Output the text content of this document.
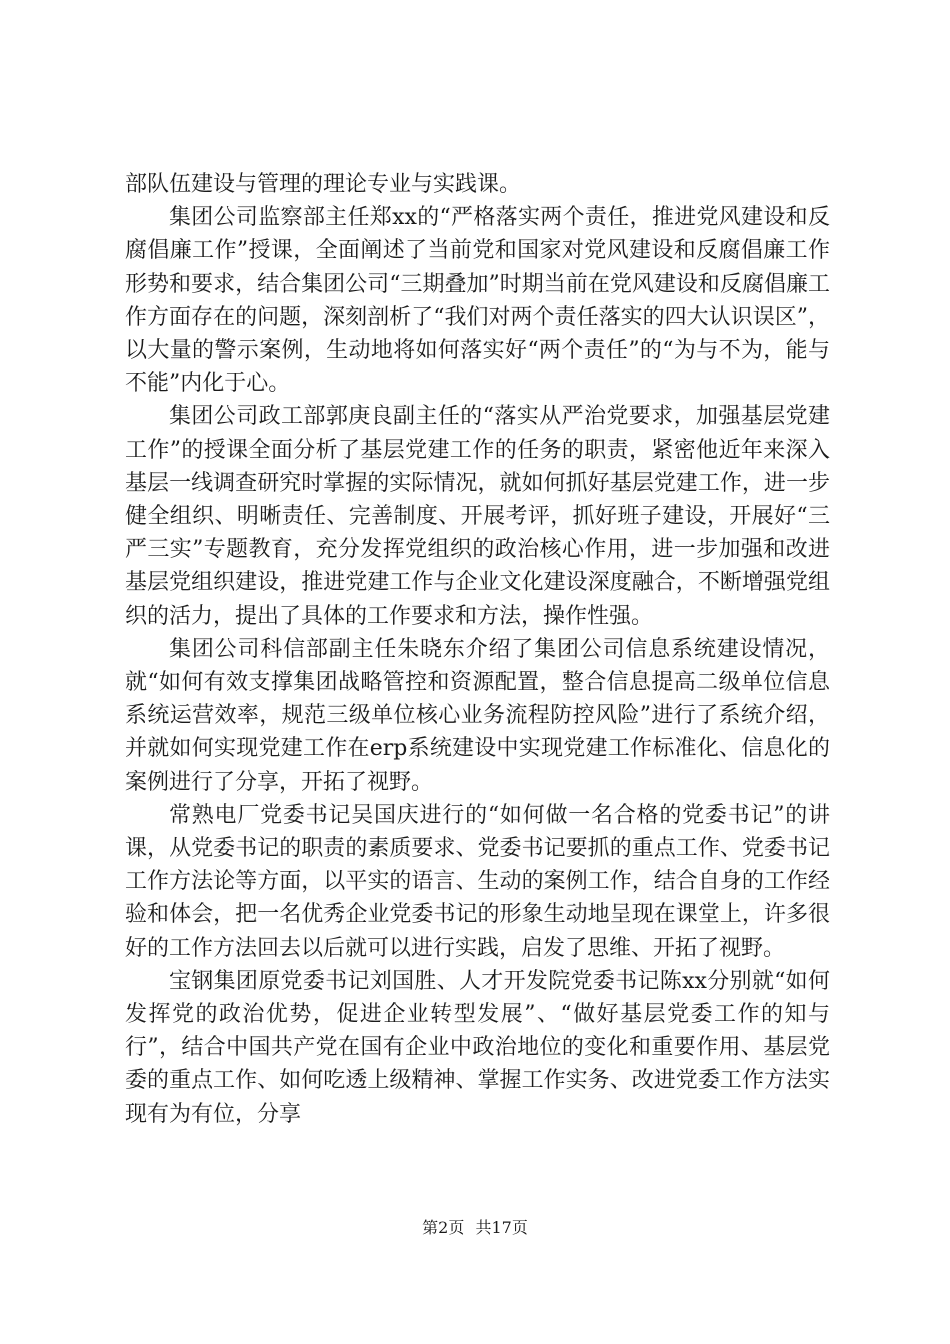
部队伍建设与管理的理论专业与实践课。

集团公司监察部主任郑xx的“严格落实两个责任，推进党风建设和反腐倡廉工作”授课，全面阐述了当前党和国家对党风建设和反腐倡廉工作形势和要求，结合集团公司“三期叠加”时期当前在党风建设和反腐倡廉工作方面存在的问题，深刻剖析了“我们对两个责任落实的四大认识误区”，以大量的警示案例，生动地将如何落实好“两个责任”的“为与不为，能与不能”内化于心。

集团公司政工部郭庚良副主任的“落实从严治党要求，加强基层党建工作”的授课全面分析了基层党建工作的任务的职责，紧密他近年来深入基层一线调查研究时掌握的实际情况，就如何抓好基层党建工作，进一步健全组织、明晰责任、完善制度、开展考评，抓好班子建设，开展好“三严三实”专题教育，充分发挥党组织的政治核心作用，进一步加强和改进基层党组织建设，推进党建工作与企业文化建设深度融合，不断增强党组织的活力，提出了具体的工作要求和方法，操作性强。

集团公司科信部副主任朱晓东介绍了集团公司信息系统建设情况，就“如何有效支撑集团战略管控和资源配置，整合信息提高二级单位信息系统运营效率，规范三级单位核心业务流程防控风险”进行了系统介绍，并就如何实现党建工作在erp系统建设中实现党建工作标准化、信息化的案例进行了分享，开拓了视野。

常熟电厂党委书记吴国庆进行的“如何做一名合格的党委书记”的讲课，从党委书记的职责的素质要求、党委书记要抓的重点工作、党委书记工作方法论等方面，以平实的语言、生动的案例工作，结合自身的工作经验和体会，把一名优秀企业党委书记的形象生动地呈现在课堂上，许多很好的工作方法回去以后就可以进行实践，启发了思维、开拓了视野。

宝钢集团原党委书记刘国胜、人才开发院党委书记陈xx分别就“如何发挥党的政治优势，促进企业转型发展”、“做好基层党委工作的知与行”，结合中国共产党在国有企业中政治地位的变化和重要作用、基层党委的重点工作、如何吃透上级精神、掌握工作实务、改进党委工作方法实现有为有位，分享

第2页 共17页
